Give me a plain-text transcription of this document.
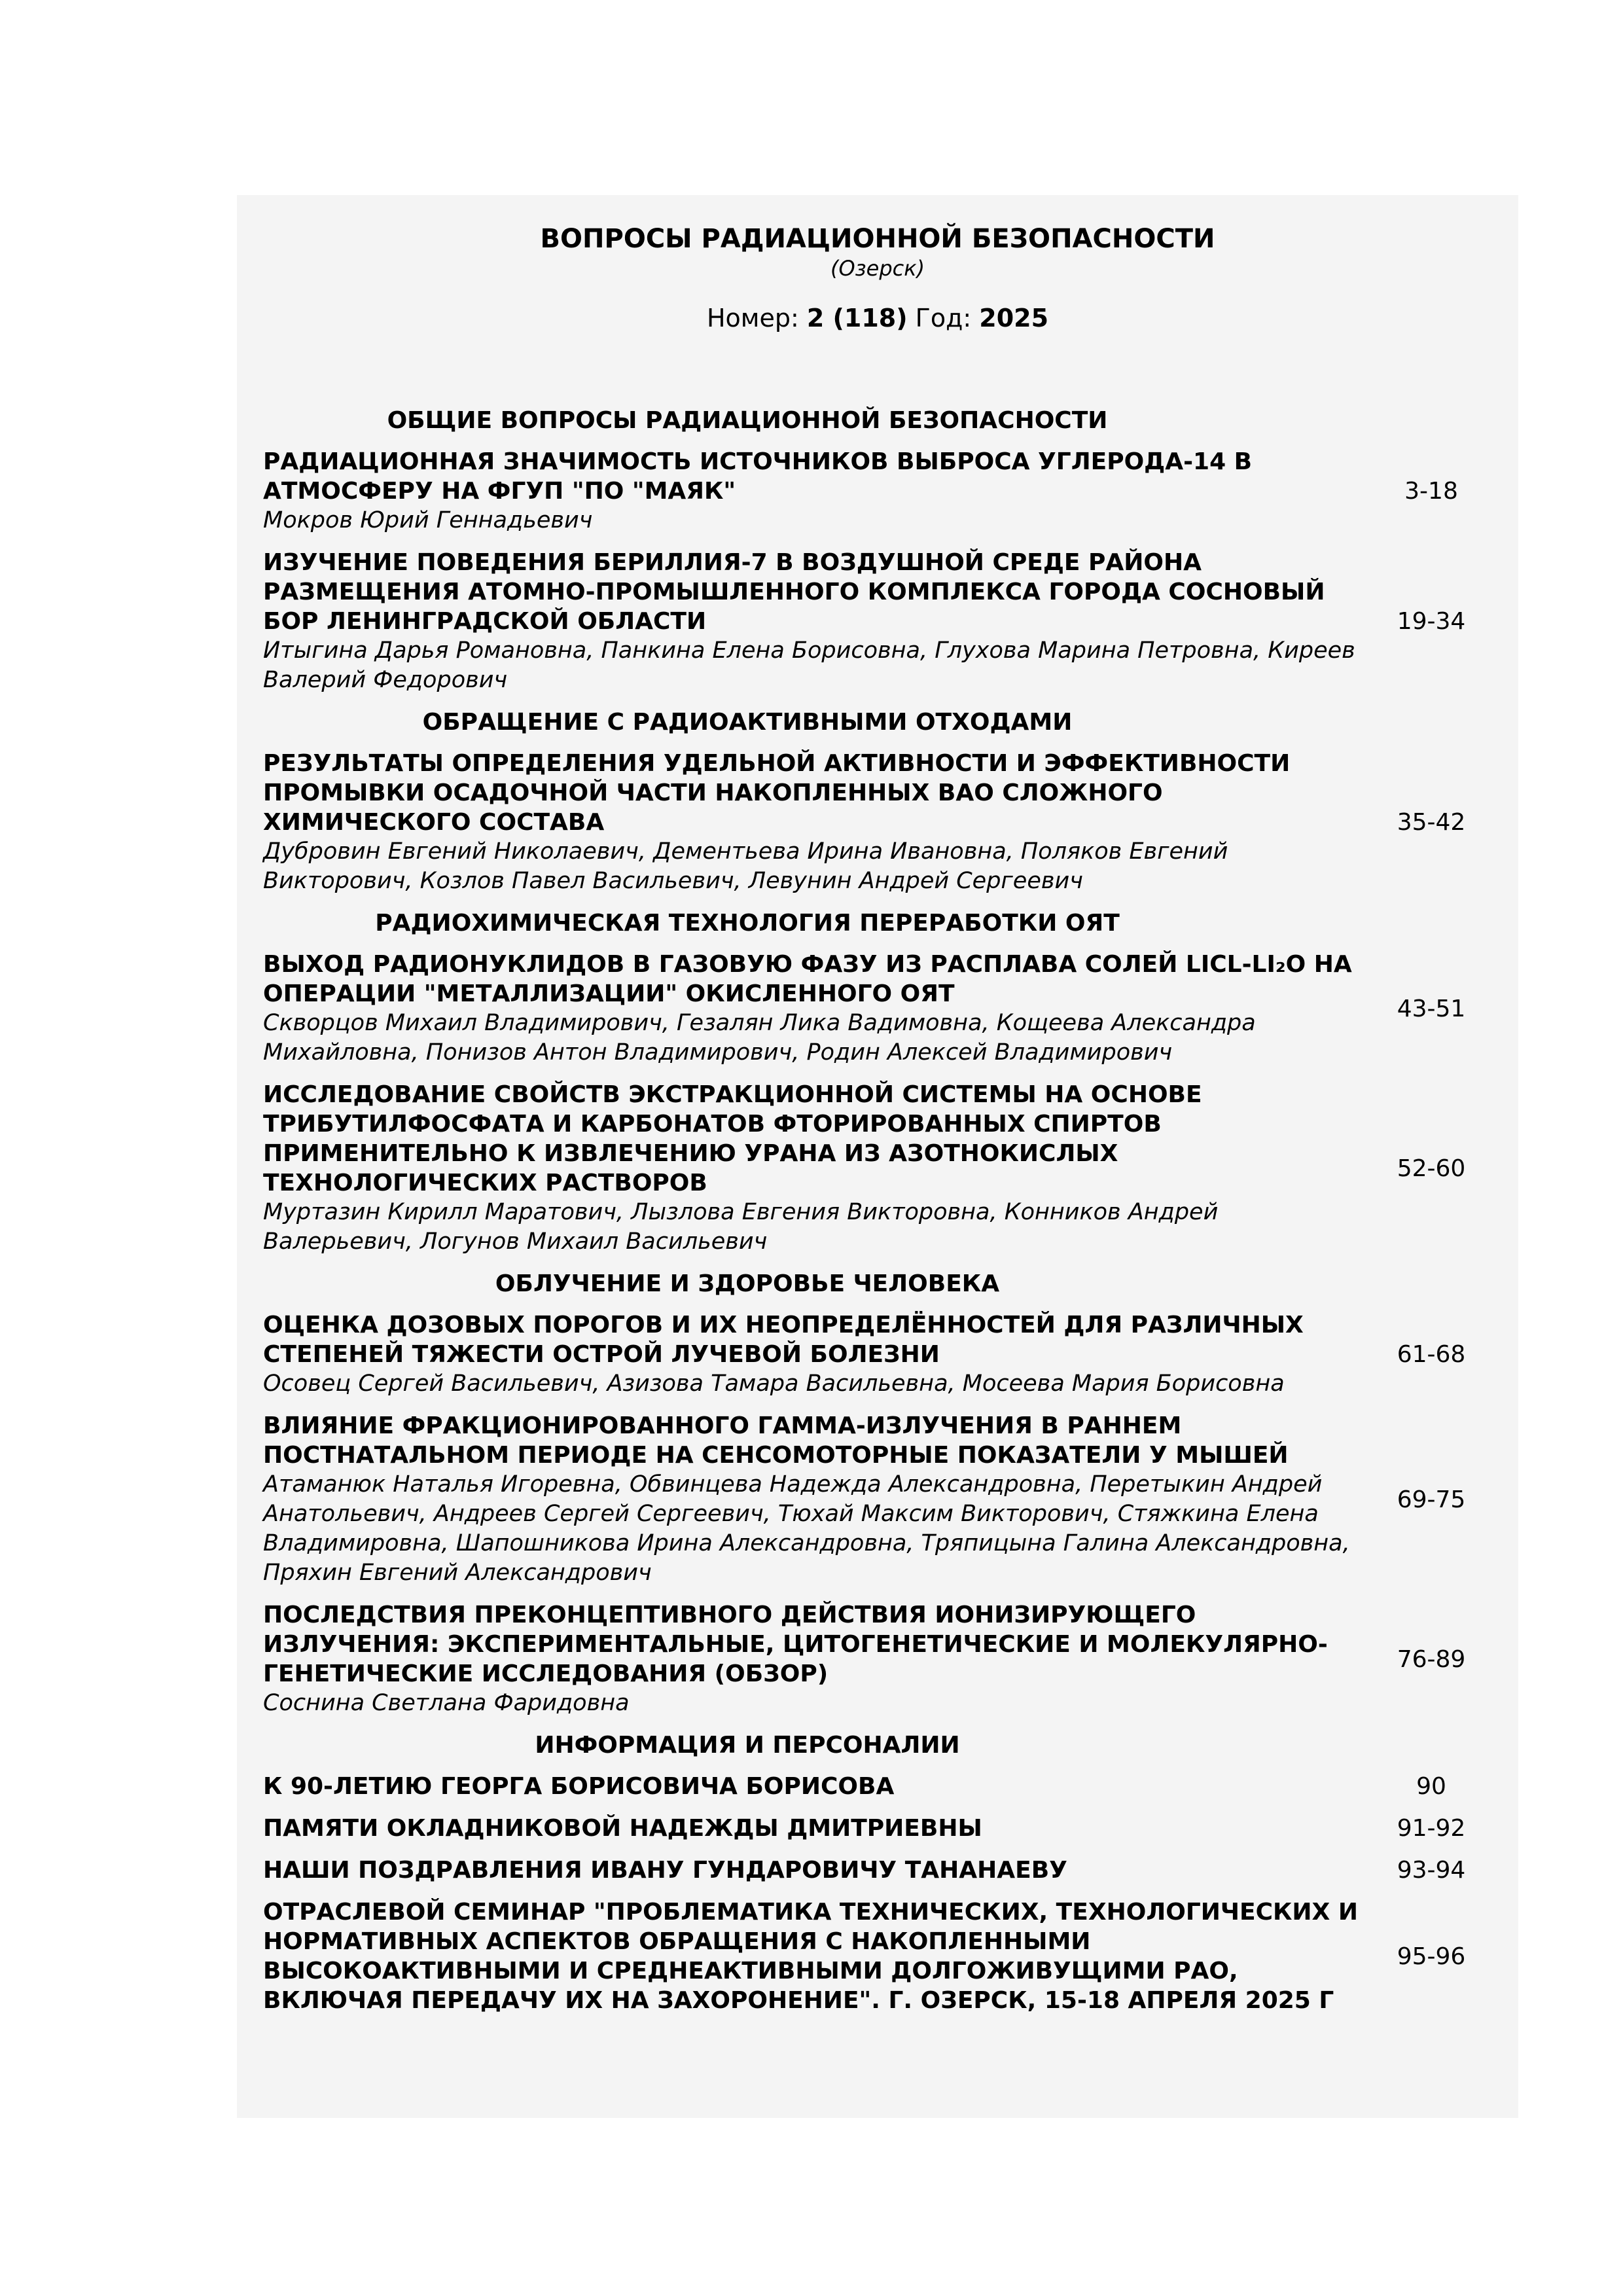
ВОПРОСЫ РАДИАЦИОННОЙ БЕЗОПАСНОСТИ
(Озерск)
Номер: 2 (118) Год: 2025
ОБЩИЕ ВОПРОСЫ РАДИАЦИОННОЙ БЕЗОПАСНОСТИ
РАДИАЦИОННАЯ ЗНАЧИМОСТЬ ИСТОЧНИКОВ ВЫБРОСА УГЛЕРОДА-14 В АТМОСФЕРУ НА ФГУП "ПО "МАЯК"
Мокров Юрий Геннадьевич
3-18
ИЗУЧЕНИЕ ПОВЕДЕНИЯ БЕРИЛЛИЯ-7 В ВОЗДУШНОЙ СРЕДЕ РАЙОНА РАЗМЕЩЕНИЯ АТОМНО-ПРОМЫШЛЕННОГО КОМПЛЕКСА ГОРОДА СОСНОВЫЙ БОР ЛЕНИНГРАДСКОЙ ОБЛАСТИ
Итыгина Дарья Романовна, Панкина Елена Борисовна, Глухова Марина Петровна, Киреев Валерий Федорович
19-34
ОБРАЩЕНИЕ С РАДИОАКТИВНЫМИ ОТХОДАМИ
РЕЗУЛЬТАТЫ ОПРЕДЕЛЕНИЯ УДЕЛЬНОЙ АКТИВНОСТИ И ЭФФЕКТИВНОСТИ ПРОМЫВКИ ОСАДОЧНОЙ ЧАСТИ НАКОПЛЕННЫХ ВАО СЛОЖНОГО ХИМИЧЕСКОГО СОСТАВА
Дубровин Евгений Николаевич, Дементьева Ирина Ивановна, Поляков Евгений Викторович, Козлов Павел Васильевич, Левунин Андрей Сергеевич
35-42
РАДИОХИМИЧЕСКАЯ ТЕХНОЛОГИЯ ПЕРЕРАБОТКИ ОЯТ
ВЫХОД РАДИОНУКЛИДОВ В ГАЗОВУЮ ФАЗУ ИЗ РАСПЛАВА СОЛЕЙ LICL-LI₂O НА ОПЕРАЦИИ "МЕТАЛЛИЗАЦИИ" ОКИСЛЕННОГО ОЯТ
Скворцов Михаил Владимирович, Гезалян Лика Вадимовна, Кощеева Александра Михайловна, Понизов Антон Владимирович, Родин Алексей Владимирович
43-51
ИССЛЕДОВАНИЕ СВОЙСТВ ЭКСТРАКЦИОННОЙ СИСТЕМЫ НА ОСНОВЕ ТРИБУТИЛФОСФАТА И КАРБОНАТОВ ФТОРИРОВАННЫХ СПИРТОВ ПРИМЕНИТЕЛЬНО К ИЗВЛЕЧЕНИЮ УРАНА ИЗ АЗОТНОКИСЛЫХ ТЕХНОЛОГИЧЕСКИХ РАСТВОРОВ
Муртазин Кирилл Маратович, Лызлова Евгения Викторовна, Конников Андрей Валерьевич, Логунов Михаил Васильевич
52-60
ОБЛУЧЕНИЕ И ЗДОРОВЬЕ ЧЕЛОВЕКА
ОЦЕНКА ДОЗОВЫХ ПОРОГОВ И ИХ НЕОПРЕДЕЛЁННОСТЕЙ ДЛЯ РАЗЛИЧНЫХ СТЕПЕНЕЙ ТЯЖЕСТИ ОСТРОЙ ЛУЧЕВОЙ БОЛЕЗНИ
Осовец Сергей Васильевич, Азизова Тамара Васильевна, Мосеева Мария Борисовна
61-68
ВЛИЯНИЕ ФРАКЦИОНИРОВАННОГО ГАММА-ИЗЛУЧЕНИЯ В РАННЕМ ПОСТНАТАЛЬНОМ ПЕРИОДЕ НА СЕНСОМОТОРНЫЕ ПОКАЗАТЕЛИ У МЫШЕЙ
Атаманюк Наталья Игоревна, Обвинцева Надежда Александровна, Перетыкин Андрей Анатольевич, Андреев Сергей Сергеевич, Тюхай Максим Викторович, Стяжкина Елена Владимировна, Шапошникова Ирина Александровна, Тряпицына Галина Александровна, Пряхин Евгений Александрович
69-75
ПОСЛЕДСТВИЯ ПРЕКОНЦЕПТИВНОГО ДЕЙСТВИЯ ИОНИЗИРУЮЩЕГО ИЗЛУЧЕНИЯ: ЭКСПЕРИМЕНТАЛЬНЫЕ, ЦИТОГЕНЕТИЧЕСКИЕ И МОЛЕКУЛЯРНО-ГЕНЕТИЧЕСКИЕ ИССЛЕДОВАНИЯ (ОБЗОР)
Соснина Светлана Фаридовна
76-89
ИНФОРМАЦИЯ И ПЕРСОНАЛИИ
К 90-ЛЕТИЮ ГЕОРГА БОРИСОВИЧА БОРИСОВА	90
ПАМЯТИ ОКЛАДНИКОВОЙ НАДЕЖДЫ ДМИТРИЕВНЫ	91-92
НАШИ ПОЗДРАВЛЕНИЯ ИВАНУ ГУНДАРОВИЧУ ТАНАНАЕВУ	93-94
ОТРАСЛЕВОЙ СЕМИНАР "ПРОБЛЕМАТИКА ТЕХНИЧЕСКИХ, ТЕХНОЛОГИЧЕСКИХ И НОРМАТИВНЫХ АСПЕКТОВ ОБРАЩЕНИЯ С НАКОПЛЕННЫМИ ВЫСОКОАКТИВНЫМИ И СРЕДНЕАКТИВНЫМИ ДОЛГОЖИВУЩИМИ РАО, ВКЛЮЧАЯ ПЕРЕДАЧУ ИХ НА ЗАХОРОНЕНИЕ". Г. ОЗЕРСК, 15-18 АПРЕЛЯ 2025 Г
95-96
